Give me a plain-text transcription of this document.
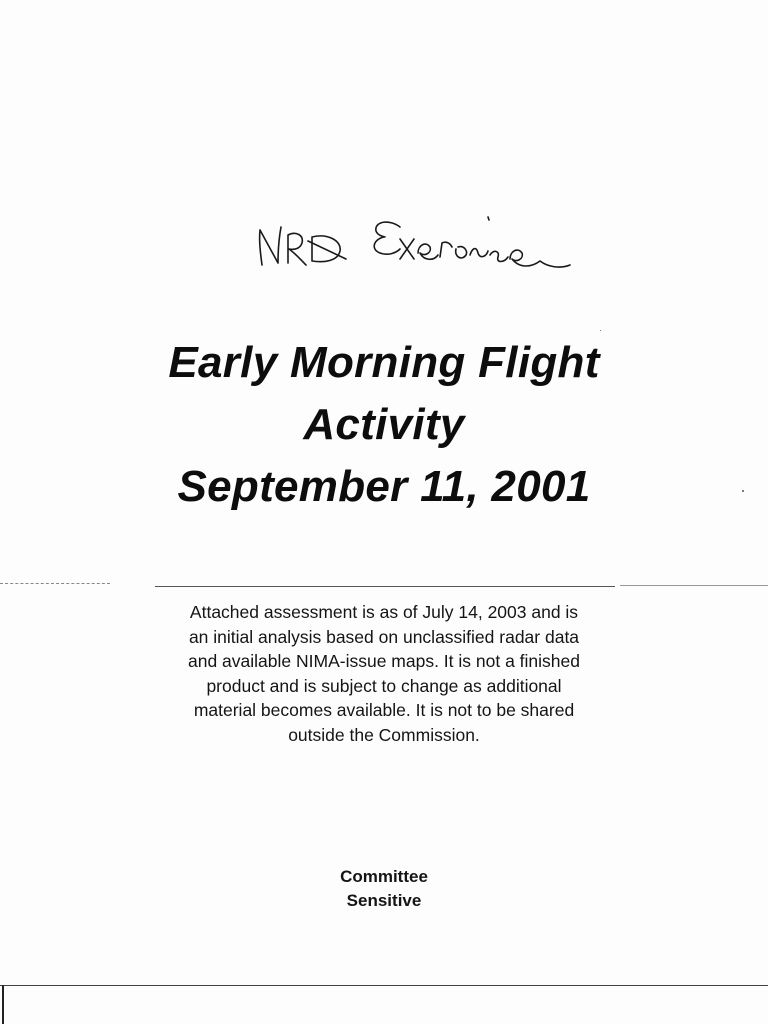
Early Morning Flight
Activity
September 11, 2001
Attached assessment is as of July 14, 2003 and is
an initial analysis based on unclassified radar data
and available NIMA-issue maps. It is not a finished
product and is subject to change as additional
material becomes available. It is not to be shared
outside the Commission.
Committee
Sensitive
